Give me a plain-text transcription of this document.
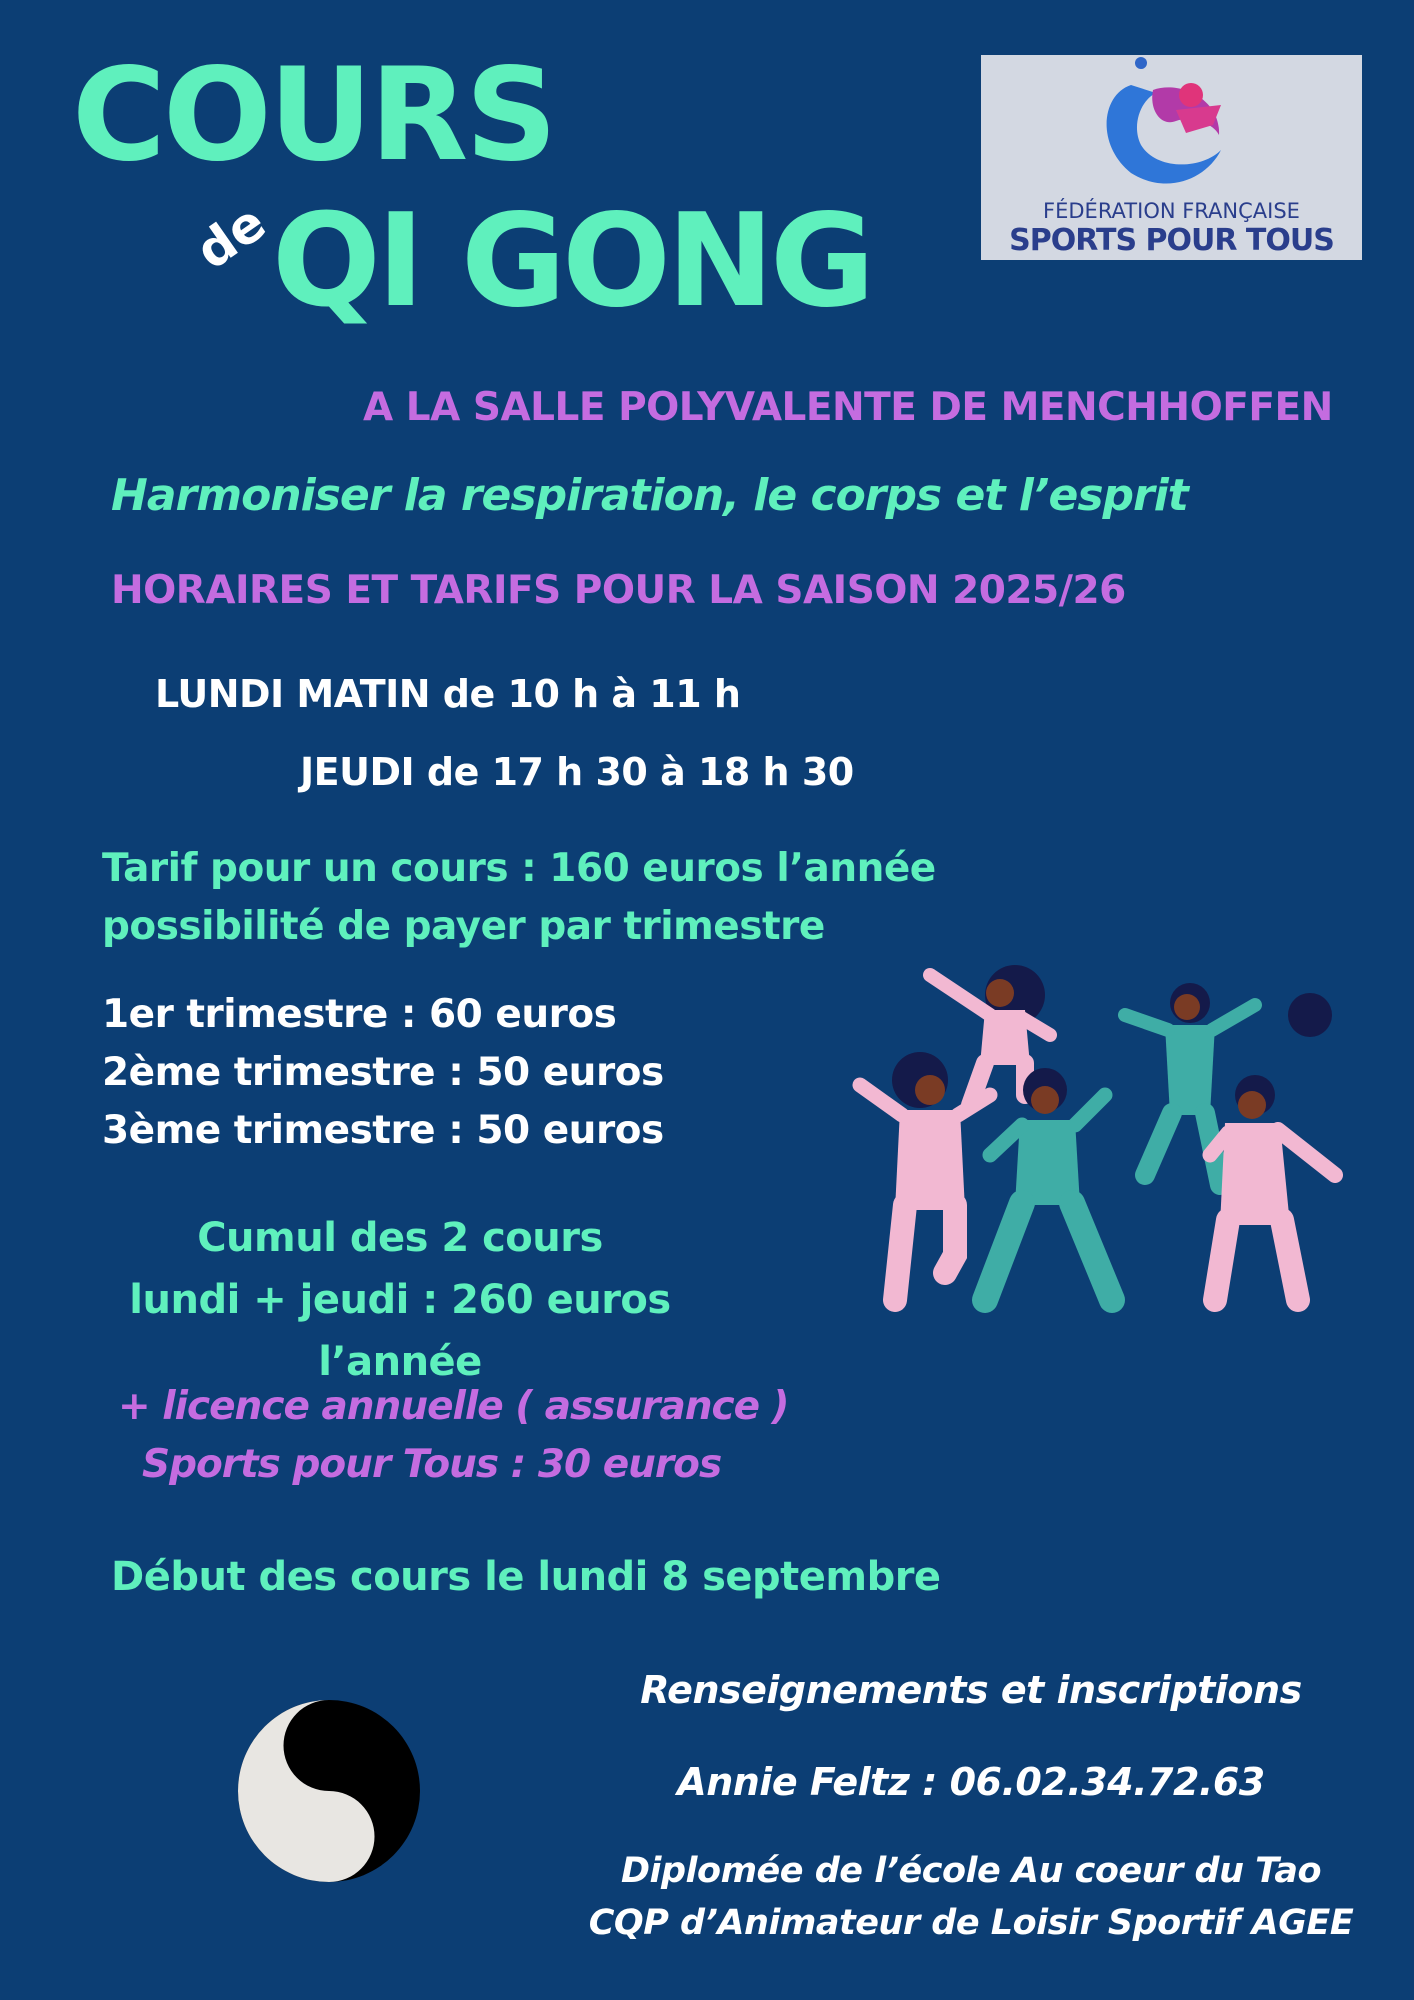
COURS
de
QI GONG	FÉDÉRATION FRANÇAISE
SPORTS POUR TOUS
A LA SALLE POLYVALENTE DE MENCHHOFFEN
Harmoniser la respiration, le corps et l’esprit
HORAIRES ET TARIFS POUR LA SAISON 2025/26
LUNDI MATIN de 10 h à 11 h
JEUDI de 17 h 30 à 18 h 30
Tarif pour un cours : 160 euros l’année
possibilité de payer par trimestre
1er trimestre : 60 euros
2ème trimestre : 50 euros
3ème trimestre : 50 euros
Cumul des 2 cours
lundi + jeudi : 260 euros l’année
+ licence annuelle ( assurance )
Sports pour Tous : 30 euros
Début des cours le lundi 8 septembre
Renseignements et inscriptions
Annie Feltz : 06.02.34.72.63
Diplomée de l’école Au coeur du Tao
CQP d’Animateur de Loisir Sportif AGEE
